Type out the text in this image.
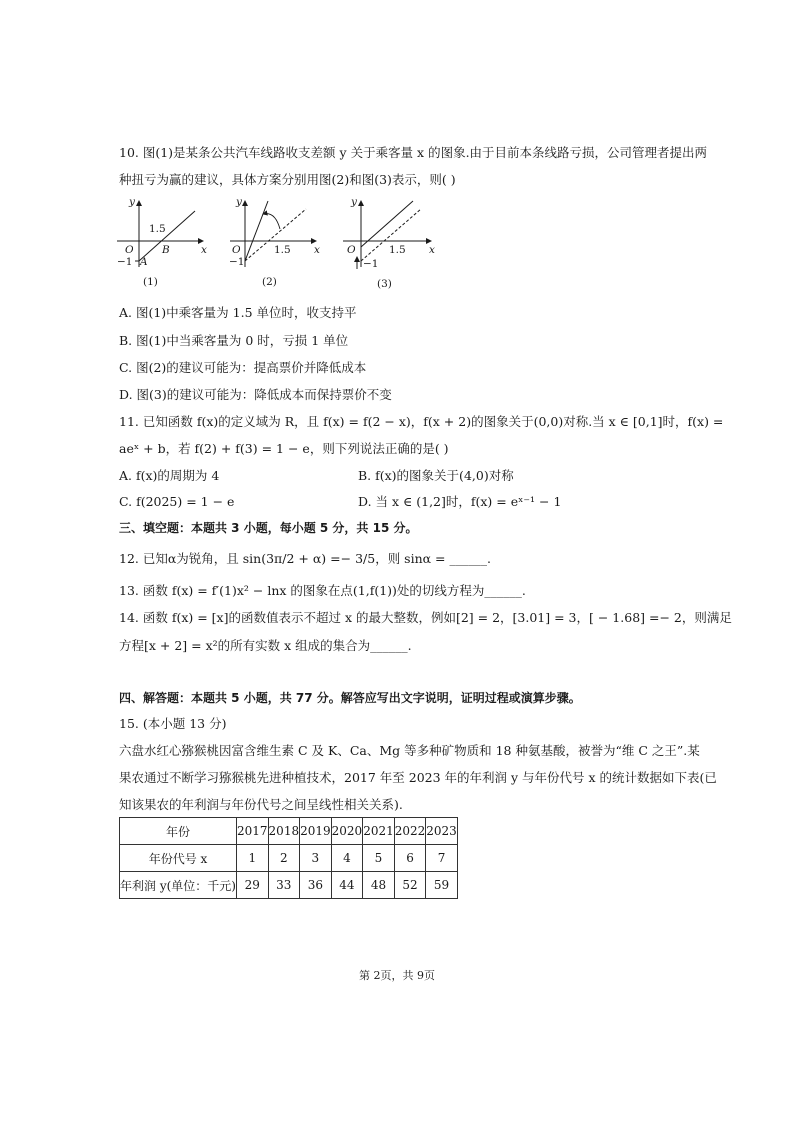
10. 图(1)是某条公共汽车线路收支差额 y 关于乘客量 x 的图象.由于目前本条线路亏损，公司管理者提出两
种扭亏为赢的建议，具体方案分别用图(2)和图(3)表示，则( )
y
x
O
1.5
−1
B
A
(1)
y
x
O	1.5
−1
(2)
y
x
O	1.5
−1
(3)
A. 图(1)中乘客量为 1.5 单位时，收支持平
B. 图(1)中当乘客量为 0 时，亏损 1 单位
C. 图(2)的建议可能为：提高票价并降低成本
D. 图(3)的建议可能为：降低成本而保持票价不变
11. 已知函数 f(x)的定义域为 R，且 f(x) = f(2 − x)，f(x + 2)的图象关于(0,0)对称.当 x ∈ [0,1]时，f(x) =
aeˣ + b，若 f(2) + f(3) = 1 − e，则下列说法正确的是( )
A. f(x)的周期为 4	B. f(x)的图象关于(4,0)对称
C. f(2025) = 1 − e	D. 当 x ∈ (1,2]时，f(x) = eˣ⁻¹ − 1
三、填空题：本题共 3 小题，每小题 5 分，共 15 分。
12. 已知α为锐角，且 sin(3π/2 + α) =− 3/5，则 sinα = ______.
13. 函数 f(x) = f′(1)x² − lnx 的图象在点(1,f(1))处的切线方程为______.
14. 函数 f(x) = [x]的函数值表示不超过 x 的最大整数，例如[2] = 2，[3.01] = 3，[ − 1.68] =− 2，则满足
方程[x + 2] = x²的所有实数 x 组成的集合为______.
四、解答题：本题共 5 小题，共 77 分。解答应写出文字说明，证明过程或演算步骤。
15. (本小题 13 分)
六盘水红心猕猴桃因富含维生素 C 及 K、Ca、Mg 等多种矿物质和 18 种氨基酸，被誉为“维 C 之王”.某
果农通过不断学习猕猴桃先进种植技术，2017 年至 2023 年的年利润 y 与年份代号 x 的统计数据如下表(已
知该果农的年利润与年份代号之间呈线性相关关系).
年份	2017	2018	2019	2020	2021	2022	2023
年份代号 x	1	2	3	4	5	6	7
年利润 y(单位：千元)	29	33	36	44	48	52	59
第 2页，共 9页
